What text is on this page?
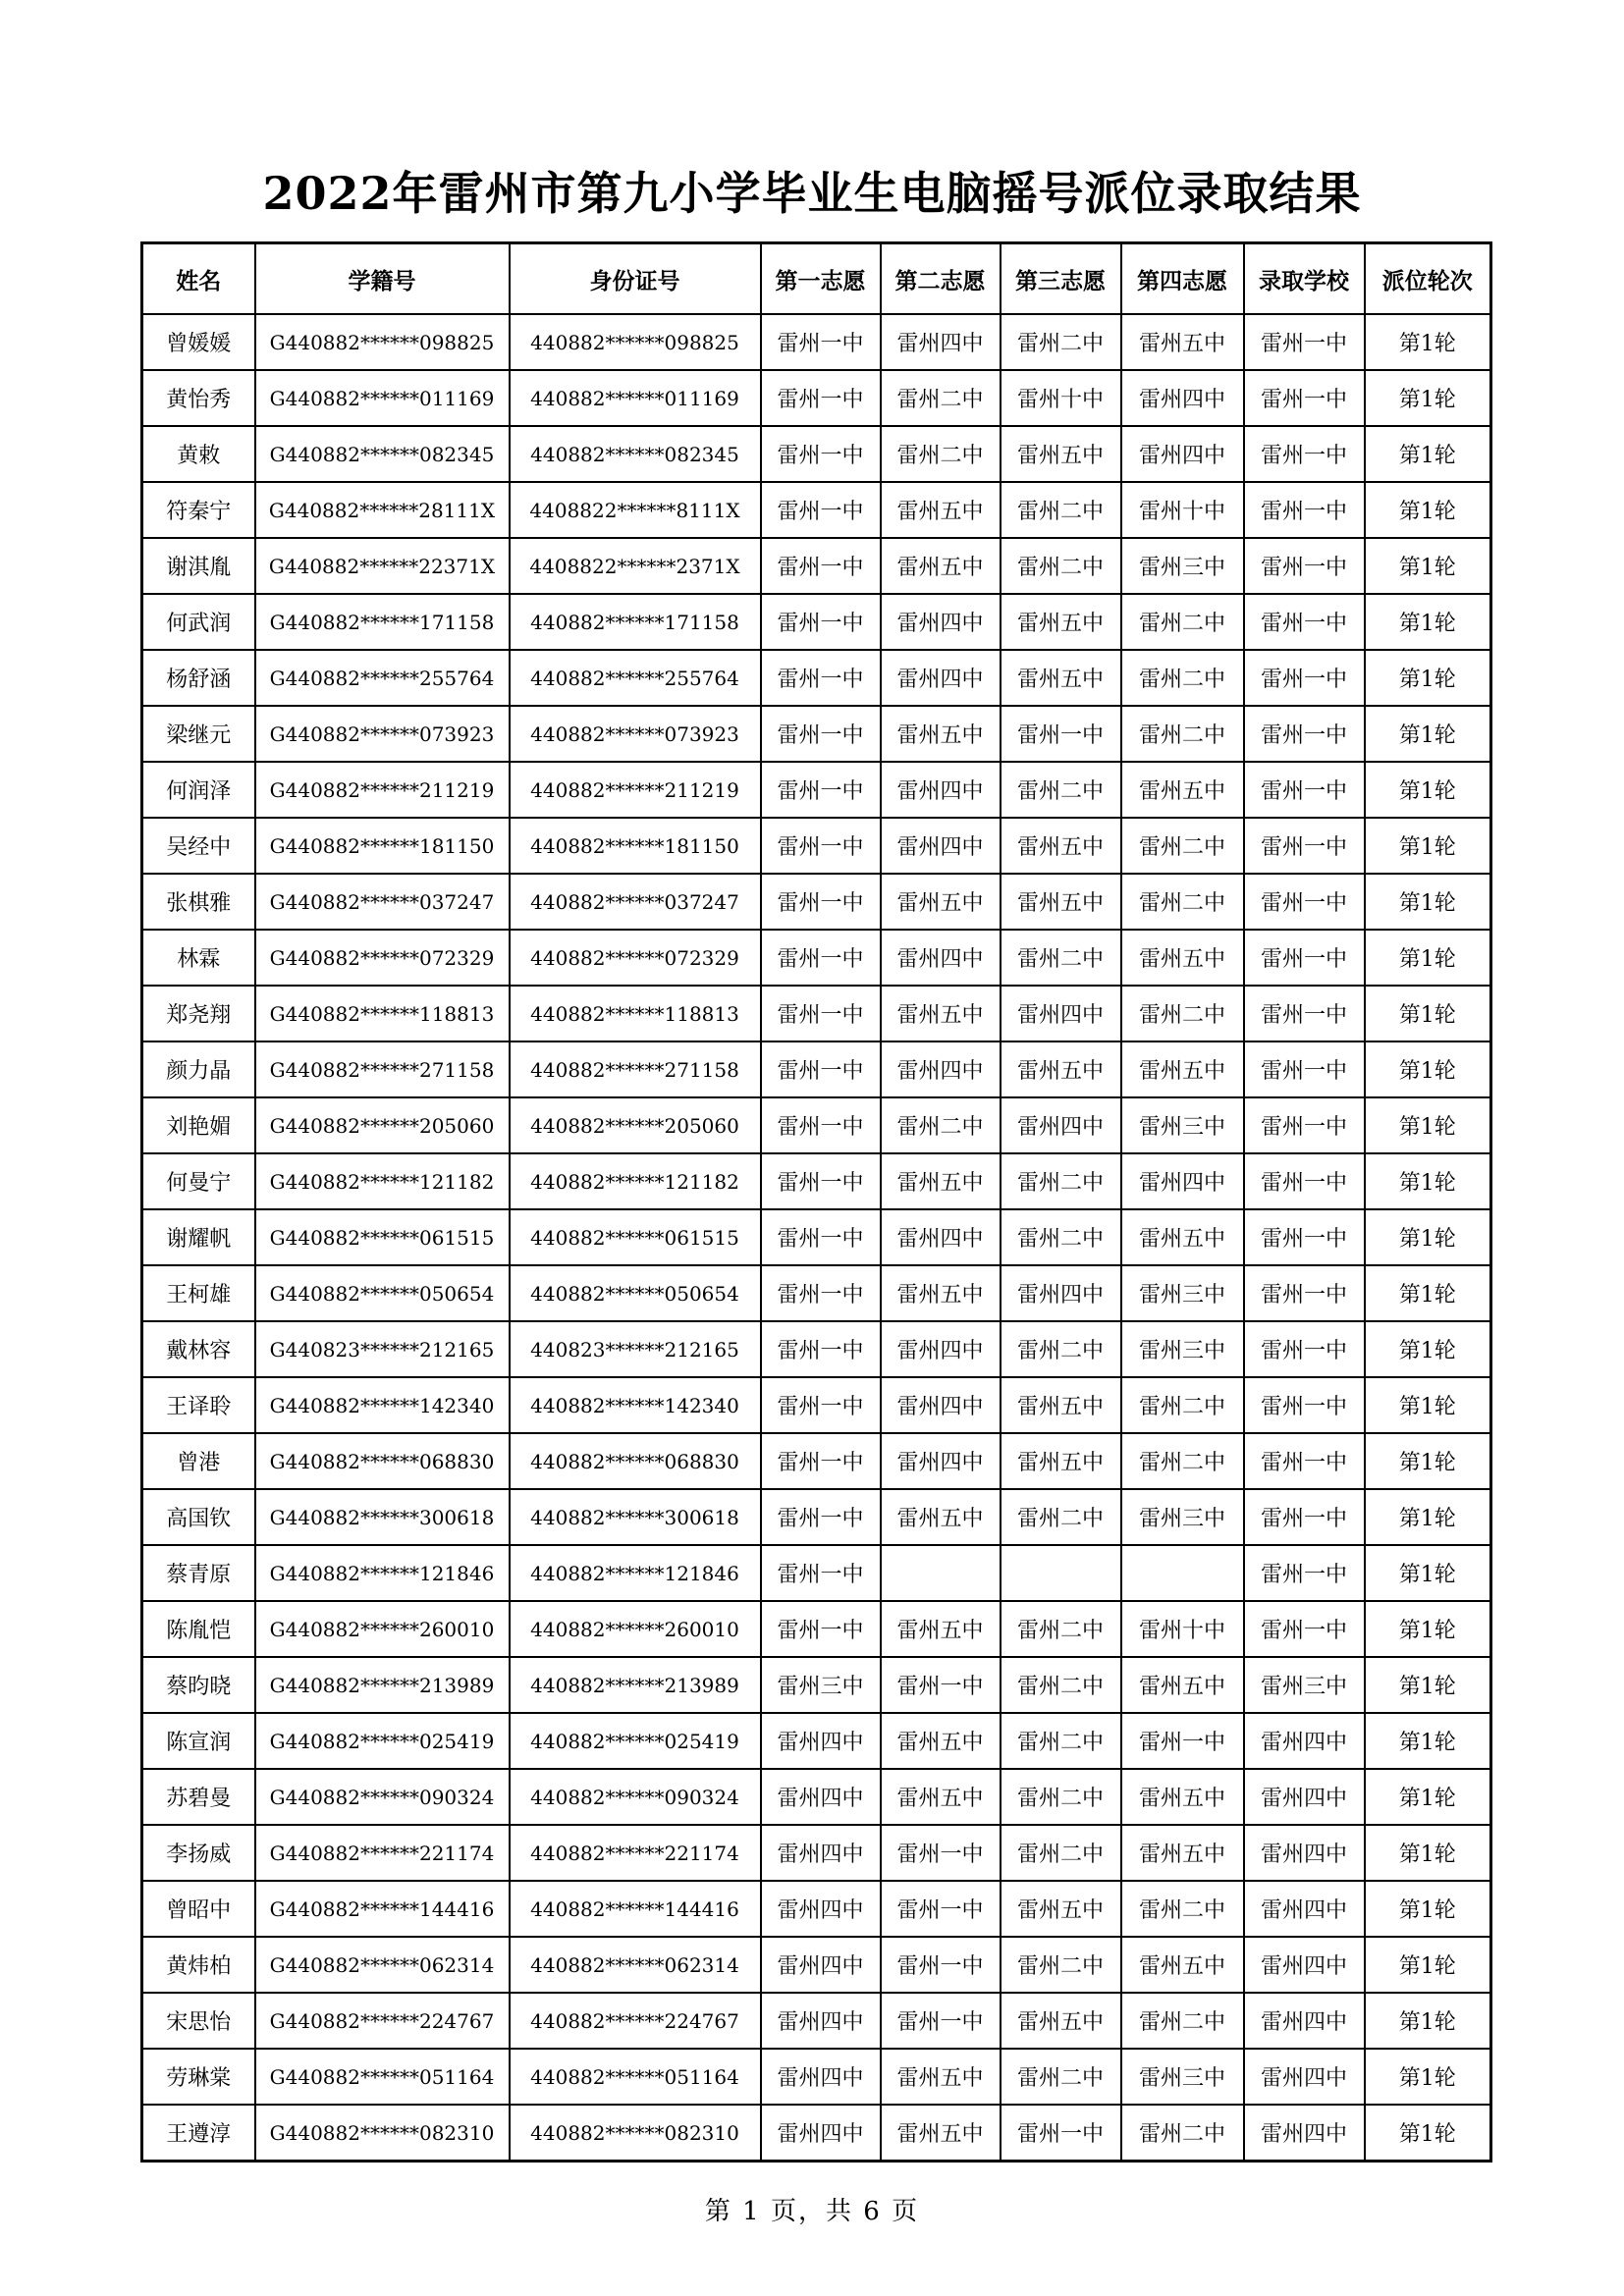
2022年雷州市第九小学毕业生电脑摇号派位录取结果
姓名	学籍号	身份证号	第一志愿	第二志愿	第三志愿	第四志愿	录取学校	派位轮次
曾媛媛	G440882******098825	440882******098825	雷州一中	雷州四中	雷州二中	雷州五中	雷州一中	第1轮
黄怡秀	G440882******011169	440882******011169	雷州一中	雷州二中	雷州十中	雷州四中	雷州一中	第1轮
黄敕	G440882******082345	440882******082345	雷州一中	雷州二中	雷州五中	雷州四中	雷州一中	第1轮
符秦宁	G440882******28111X	4408822******8111X	雷州一中	雷州五中	雷州二中	雷州十中	雷州一中	第1轮
谢淇胤	G440882******22371X	4408822******2371X	雷州一中	雷州五中	雷州二中	雷州三中	雷州一中	第1轮
何武润	G440882******171158	440882******171158	雷州一中	雷州四中	雷州五中	雷州二中	雷州一中	第1轮
杨舒涵	G440882******255764	440882******255764	雷州一中	雷州四中	雷州五中	雷州二中	雷州一中	第1轮
梁继元	G440882******073923	440882******073923	雷州一中	雷州五中	雷州一中	雷州二中	雷州一中	第1轮
何润泽	G440882******211219	440882******211219	雷州一中	雷州四中	雷州二中	雷州五中	雷州一中	第1轮
吴经中	G440882******181150	440882******181150	雷州一中	雷州四中	雷州五中	雷州二中	雷州一中	第1轮
张棋雅	G440882******037247	440882******037247	雷州一中	雷州五中	雷州五中	雷州二中	雷州一中	第1轮
林霖	G440882******072329	440882******072329	雷州一中	雷州四中	雷州二中	雷州五中	雷州一中	第1轮
郑尧翔	G440882******118813	440882******118813	雷州一中	雷州五中	雷州四中	雷州二中	雷州一中	第1轮
颜力晶	G440882******271158	440882******271158	雷州一中	雷州四中	雷州五中	雷州五中	雷州一中	第1轮
刘艳媚	G440882******205060	440882******205060	雷州一中	雷州二中	雷州四中	雷州三中	雷州一中	第1轮
何曼宁	G440882******121182	440882******121182	雷州一中	雷州五中	雷州二中	雷州四中	雷州一中	第1轮
谢耀帆	G440882******061515	440882******061515	雷州一中	雷州四中	雷州二中	雷州五中	雷州一中	第1轮
王柯雄	G440882******050654	440882******050654	雷州一中	雷州五中	雷州四中	雷州三中	雷州一中	第1轮
戴林容	G440823******212165	440823******212165	雷州一中	雷州四中	雷州二中	雷州三中	雷州一中	第1轮
王译聆	G440882******142340	440882******142340	雷州一中	雷州四中	雷州五中	雷州二中	雷州一中	第1轮
曾港	G440882******068830	440882******068830	雷州一中	雷州四中	雷州五中	雷州二中	雷州一中	第1轮
高国钦	G440882******300618	440882******300618	雷州一中	雷州五中	雷州二中	雷州三中	雷州一中	第1轮
蔡青原	G440882******121846	440882******121846	雷州一中				雷州一中	第1轮
陈胤恺	G440882******260010	440882******260010	雷州一中	雷州五中	雷州二中	雷州十中	雷州一中	第1轮
蔡昀晓	G440882******213989	440882******213989	雷州三中	雷州一中	雷州二中	雷州五中	雷州三中	第1轮
陈宣润	G440882******025419	440882******025419	雷州四中	雷州五中	雷州二中	雷州一中	雷州四中	第1轮
苏碧曼	G440882******090324	440882******090324	雷州四中	雷州五中	雷州二中	雷州五中	雷州四中	第1轮
李扬威	G440882******221174	440882******221174	雷州四中	雷州一中	雷州二中	雷州五中	雷州四中	第1轮
曾昭中	G440882******144416	440882******144416	雷州四中	雷州一中	雷州五中	雷州二中	雷州四中	第1轮
黄炜柏	G440882******062314	440882******062314	雷州四中	雷州一中	雷州二中	雷州五中	雷州四中	第1轮
宋思怡	G440882******224767	440882******224767	雷州四中	雷州一中	雷州五中	雷州二中	雷州四中	第1轮
劳琳棠	G440882******051164	440882******051164	雷州四中	雷州五中	雷州二中	雷州三中	雷州四中	第1轮
王遵淳	G440882******082310	440882******082310	雷州四中	雷州五中	雷州一中	雷州二中	雷州四中	第1轮
第 1 页，共 6 页
